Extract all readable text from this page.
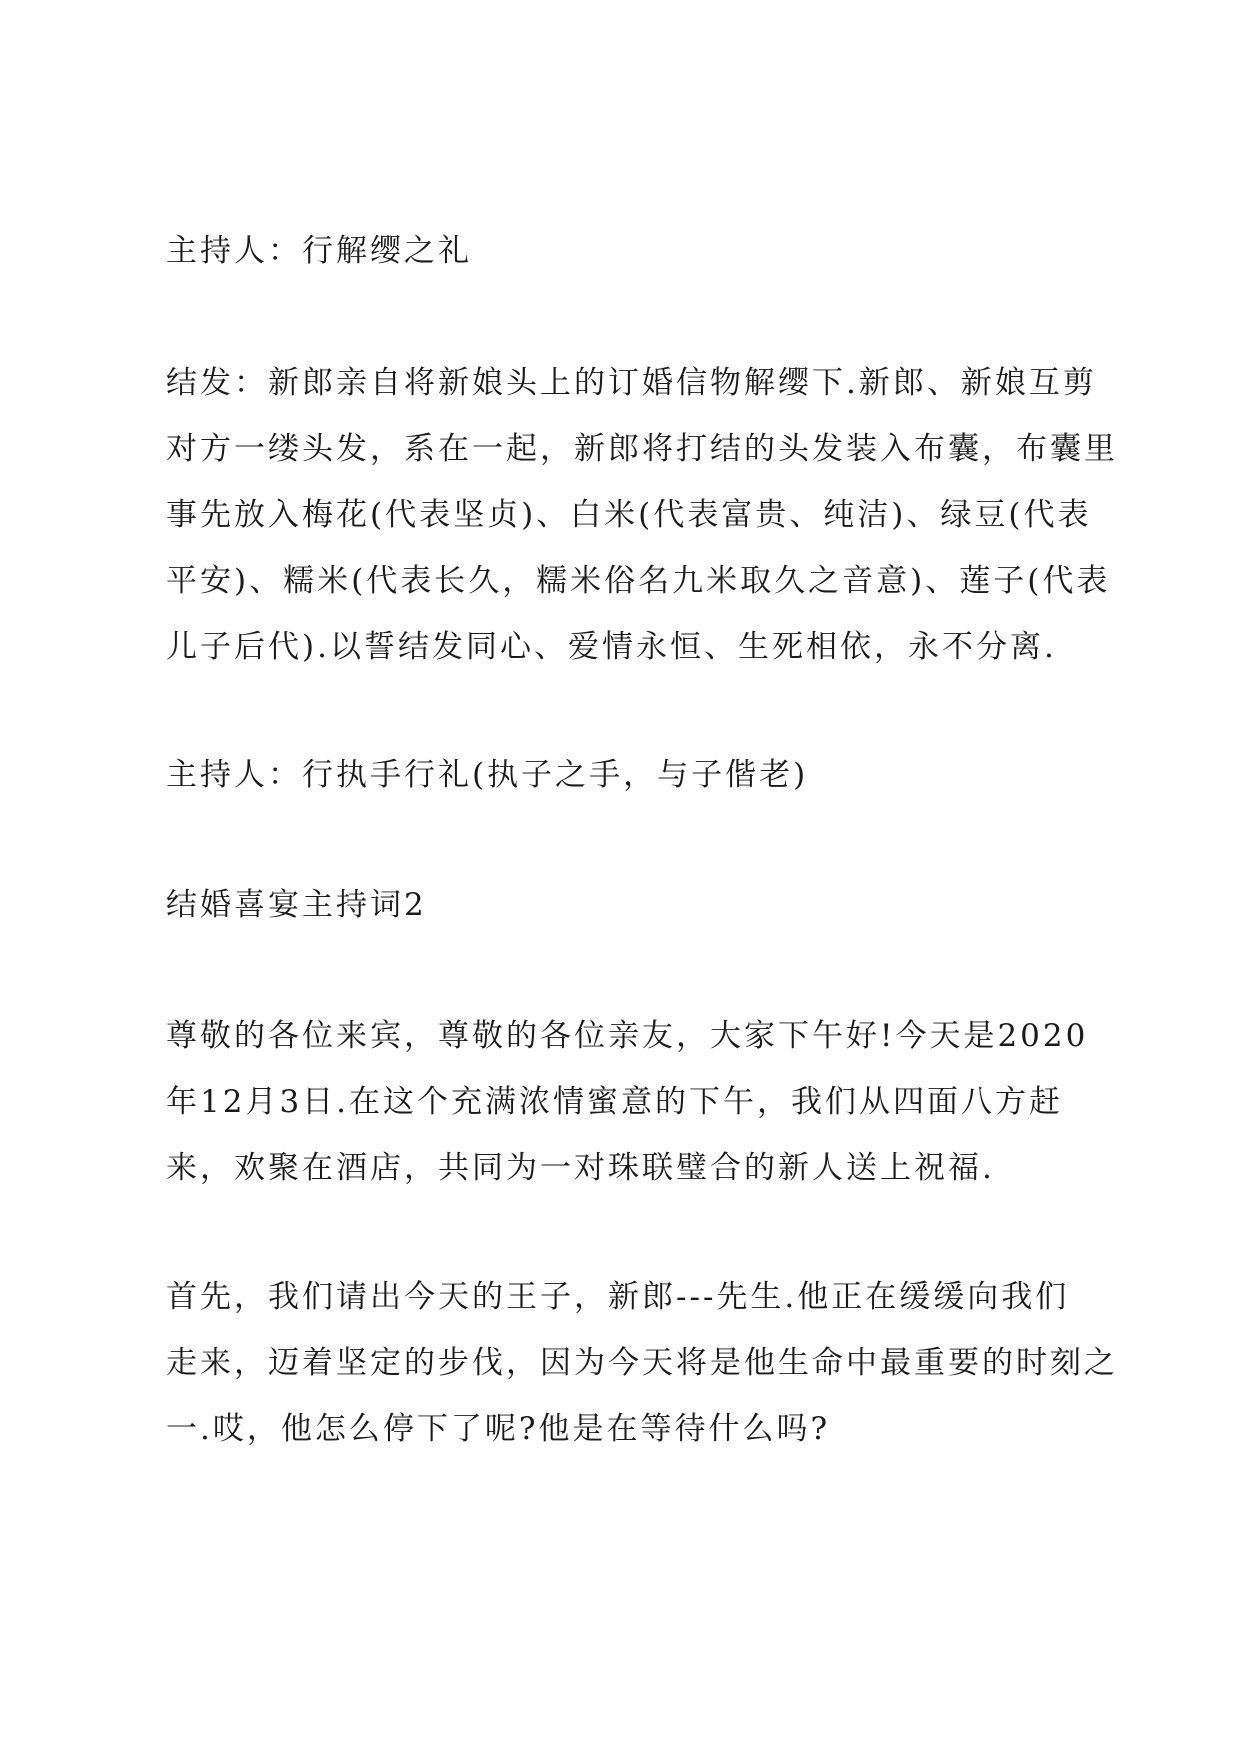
主持人：行解缨之礼

结发：新郎亲自将新娘头上的订婚信物解缨下.新郎、新娘互剪
对方一缕头发，系在一起，新郎将打结的头发装入布囊，布囊里
事先放入梅花(代表坚贞)、白米(代表富贵、纯洁)、绿豆(代表
平安)、糯米(代表长久，糯米俗名九米取久之音意)、莲子(代表
儿子后代).以誓结发同心、爱情永恒、生死相依，永不分离.

主持人：行执手行礼(执子之手，与子偕老)

结婚喜宴主持词2

尊敬的各位来宾，尊敬的各位亲友，大家下午好!今天是2020
年12月3日.在这个充满浓情蜜意的下午，我们从四面八方赶
来，欢聚在酒店，共同为一对珠联璧合的新人送上祝福.

首先，我们请出今天的王子，新郎---先生.他正在缓缓向我们
走来，迈着坚定的步伐，因为今天将是他生命中最重要的时刻之
一.哎，他怎么停下了呢?他是在等待什么吗?
